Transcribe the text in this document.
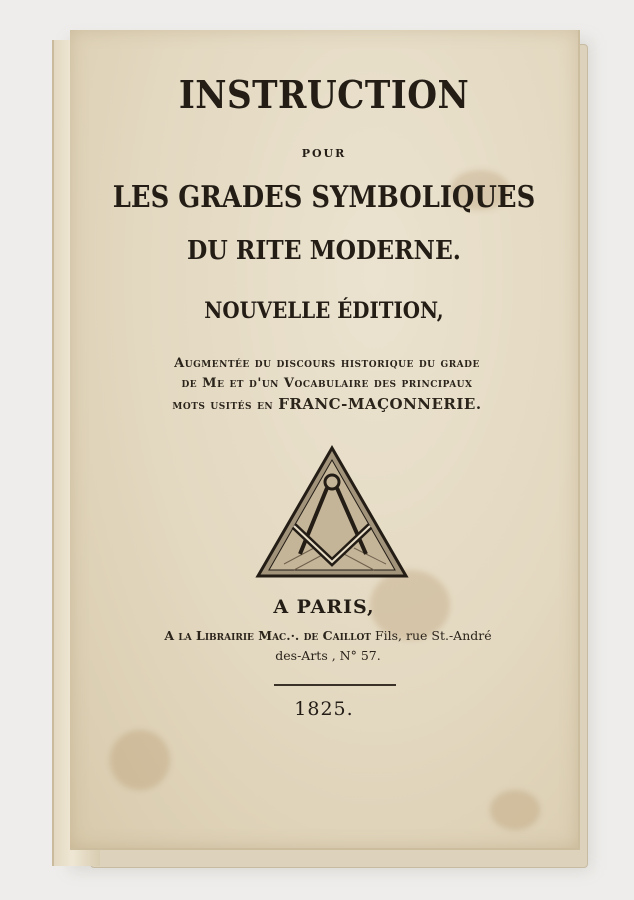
INSTRUCTION
POUR
LES GRADES SYMBOLIQUES
DU RITE MODERNE.
NOUVELLE ÉDITION,
Augmentée du discours historique du grade
de Me et d'un Vocabulaire des principaux
mots usités en FRANC-MAÇONNERIE.
A PARIS,
A la Librairie Mac.·. de Caillot Fils, rue St.-André
des-Arts , N° 57.
1825.
